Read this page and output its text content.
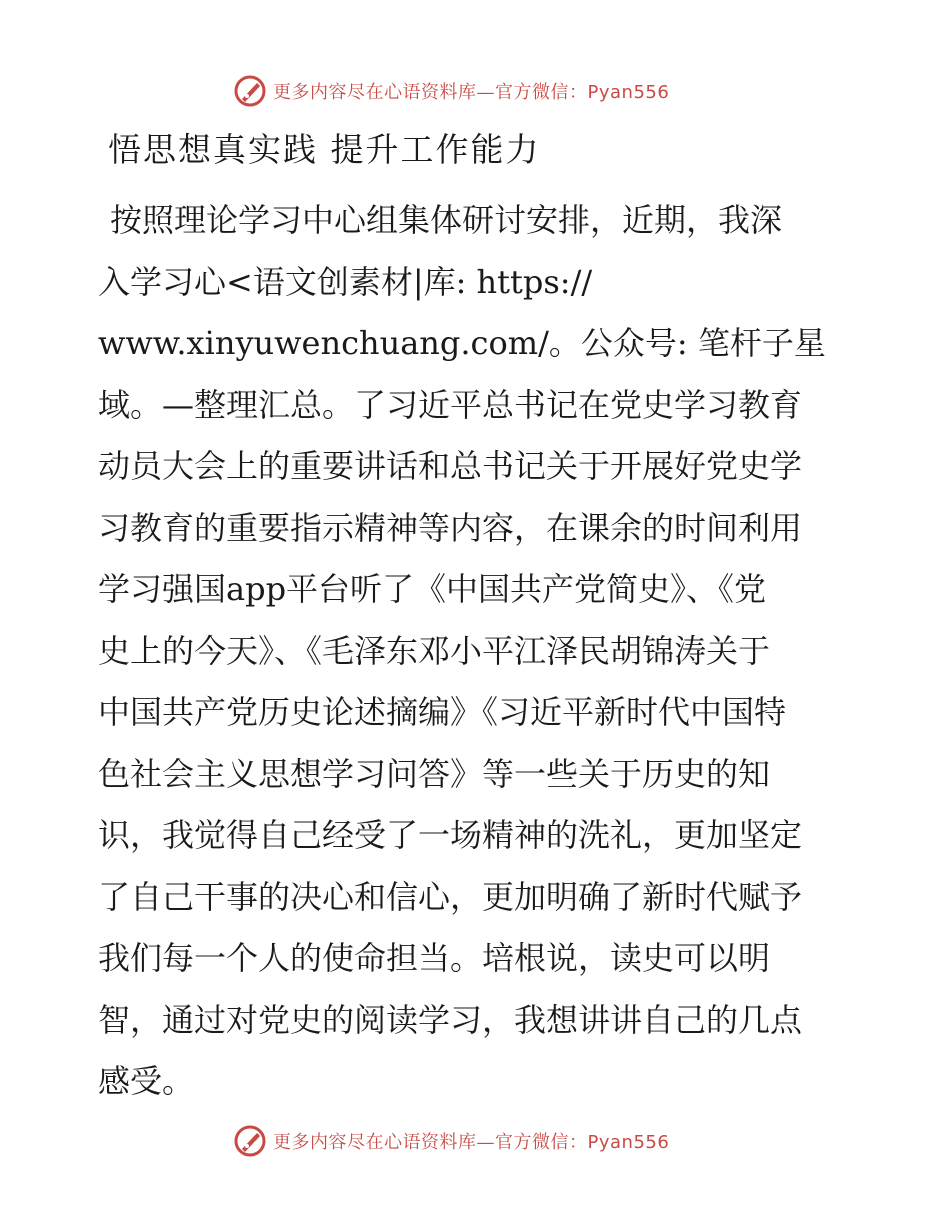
更多内容尽在心语资料库—官方微信：Pyan556
悟思想真实践 提升工作能力
按照理论学习中心组集体研讨安排，近期，我深
入学习心<语文创素材|库: https://
www.xinyuwenchuang.com/。公众号: 笔杆子星
域。—整理汇总。了习近平总书记在党史学习教育
动员大会上的重要讲话和总书记关于开展好党史学
习教育的重要指示精神等内容，在课余的时间利用
学习强国app平台听了《中国共产党简史》、《党
史上的今天》、《毛泽东邓小平江泽民胡锦涛关于
中国共产党历史论述摘编》《习近平新时代中国特
色社会主义思想学习问答》等一些关于历史的知
识，我觉得自己经受了一场精神的洗礼，更加坚定
了自己干事的决心和信心，更加明确了新时代赋予
我们每一个人的使命担当。培根说，读史可以明
智，通过对党史的阅读学习，我想讲讲自己的几点
感受。
更多内容尽在心语资料库—官方微信：Pyan556
